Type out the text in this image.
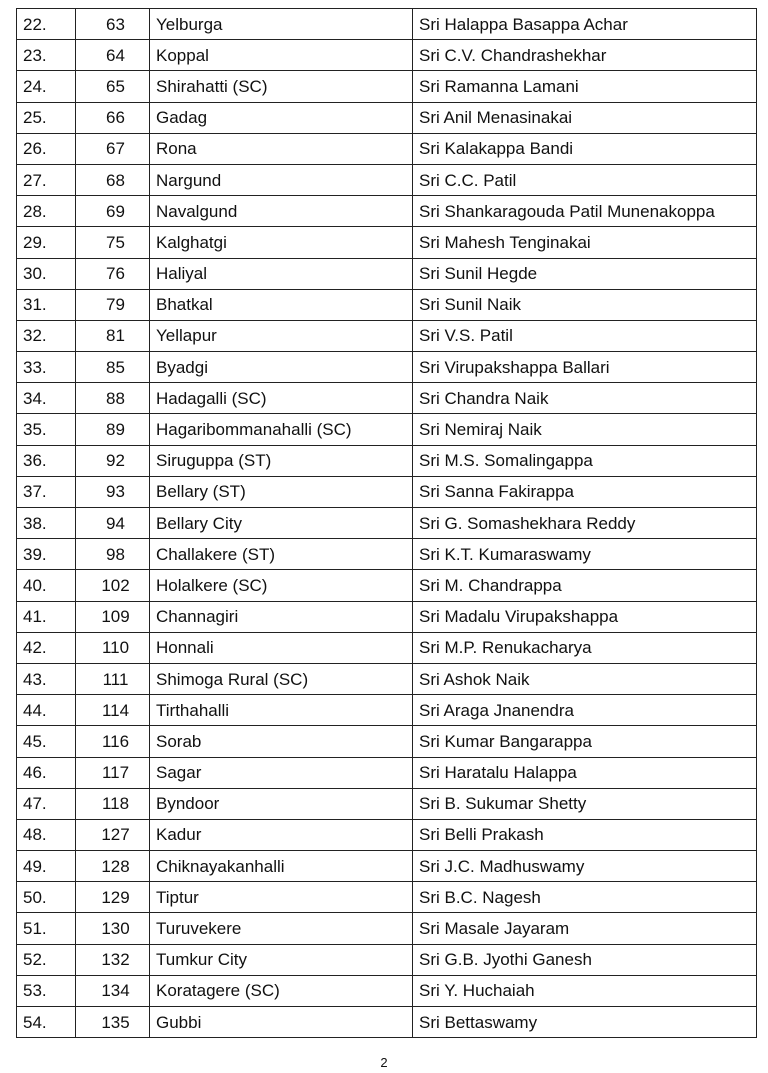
22.	63	Yelburga	Sri Halappa Basappa Achar
23.	64	Koppal	Sri C.V. Chandrashekhar
24.	65	Shirahatti (SC)	Sri Ramanna Lamani
25.	66	Gadag	Sri Anil Menasinakai
26.	67	Rona	Sri Kalakappa Bandi
27.	68	Nargund	Sri C.C. Patil
28.	69	Navalgund	Sri Shankaragouda Patil Munenakoppa
29.	75	Kalghatgi	Sri Mahesh Tenginakai
30.	76	Haliyal	Sri Sunil Hegde
31.	79	Bhatkal	Sri Sunil Naik
32.	81	Yellapur	Sri V.S. Patil
33.	85	Byadgi	Sri Virupakshappa Ballari
34.	88	Hadagalli (SC)	Sri Chandra Naik
35.	89	Hagaribommanahalli (SC)	Sri Nemiraj Naik
36.	92	Siruguppa (ST)	Sri M.S. Somalingappa
37.	93	Bellary (ST)	Sri Sanna Fakirappa
38.	94	Bellary City	Sri G. Somashekhara Reddy
39.	98	Challakere (ST)	Sri K.T. Kumaraswamy
40.	102	Holalkere (SC)	Sri M. Chandrappa
41.	109	Channagiri	Sri Madalu Virupakshappa
42.	110	Honnali	Sri M.P. Renukacharya
43.	111	Shimoga Rural (SC)	Sri Ashok Naik
44.	114	Tirthahalli	Sri Araga Jnanendra
45.	116	Sorab	Sri Kumar Bangarappa
46.	117	Sagar	Sri Haratalu Halappa
47.	118	Byndoor	Sri B. Sukumar Shetty
48.	127	Kadur	Sri Belli Prakash
49.	128	Chiknayakanhalli	Sri J.C. Madhuswamy
50.	129	Tiptur	Sri B.C. Nagesh
51.	130	Turuvekere	Sri Masale Jayaram
52.	132	Tumkur City	Sri G.B. Jyothi Ganesh
53.	134	Koratagere (SC)	Sri Y. Huchaiah
54.	135	Gubbi	Sri Bettaswamy
2
